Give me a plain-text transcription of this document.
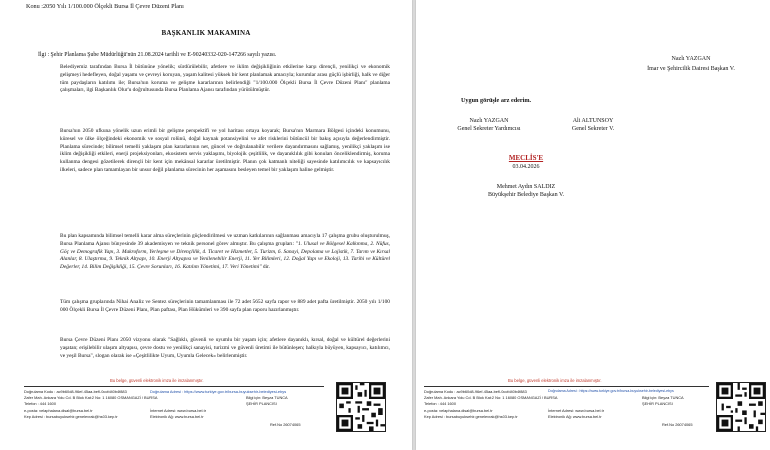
Konu :2050 Yılı 1/100.000 Ölçekli Bursa İl Çevre Düzeni Planı
BAŞKANLIK MAKAMINA
İlgi : Şehir Planlama Şube Müdürlüğü'nün 21.08.2024 tarihli ve E-90240332-020-147266 sayılı yazısı.

Belediyemiz tarafından Bursa İl bütününe yönelik; sürdürülebilir, afetlere ve iklim değişikliğinin etkilerine karşı dirençli, yenilikçi ve ekonomik gelişmeyi hedefleyen, doğal yaşamı ve çevreyi koruyan, yaşam kalitesi yüksek bir kent planlamak amacıyla; kurumlar arası güçlü işbirliği, halk ve diğer tüm paydaşların katılımı ile; Bursa'nın koruma ve gelişme kararlarının belirlendiği "1/100.000 Ölçekli Bursa İl Çevre Düzeni Planı" planlama çalışmaları, ilgi Başkanlık Olur'u doğrultusunda Bursa Planlama Ajansı tarafından yürütülmüştür.

Bursa'nın 2050 ufkuna yönelik uzun erimli bir gelişme perspektifi ve yol haritası ortaya koyarak; Bursa'nın Marmara Bölgesi içindeki konumunu, küresel ve ülke ölçeğindeki ekonomik ve sosyal rolünü, doğal kaynak potansiyelini ve afet risklerini bütüncül bir bakış açısıyla değerlendirmiştir. Planlama sürecinde; bilimsel temelli yaklaşım plan kararlarının net, güncel ve doğrulanabilir verilere dayandırmasını sağlamış, yenilikçi yaklaşım ise iklim değişikliği etkileri, enerji projeksiyonları, ekosistem servis yaklaşımı, biyolojik çeşitlilik, ve dayanıklılık gibi konuları önceliklendirmiş, koruma kullanma dengesi gözetilerek dirençli bir kent için mekânsal kararlar üretilmiştir. Planın çok katmanlı niteliği sayesinde katılımcılık ve kapsayıcılık ilkeleri, sadece plan tamamlayan bir unsur değil planlama sürecinin her aşamasını besleyen temel bir yaklaşım haline gelmiştir.

Bu plan kapsamında bilimsel temelli karar alma süreçlerinin güçlendirilmesi ve uzman katkılarının sağlanması amacıyla 17 çalışma grubu oluşturulmuş, Bursa Planlama Ajansı bünyesinde 39 akademisyen ve teknik personel görev almıştır. Bu çalışma grupları: "1. Ulusal ve Bölgesel Kalkınma, 2. Nüfus, Göç ve Demografik Yapı, 3. Makroform, Yerleşme ve Dirençlilik, 4. Ticaret ve Hizmetler, 5. Turizm, 6. Sanayi, Depolama ve Lojistik, 7. Tarım ve Kırsal Alanlar, 8. Ulaştırma, 9. Teknik Altyapı, 10. Enerji Altyapısı ve Yenilenebilir Enerji, 11. Yer Bilimleri, 12. Doğal Yapı ve Ekoloji, 13. Tarihi ve Kültürel Değerler, 14. Bilim Değişikliği, 15. Çevre Sorunları, 16. Katılım Yönetimi, 17. Veri Yönetimi" dir.

Tüm çalışma gruplarında Nihai Analiz ve Sentez süreçlerinin tamamlanması ile 72 adet 5652 sayfa rapor ve 889 adet pafta üretilmiştir. 2050 yılı 1/100 000 Ölçekli Bursa İl Çevre Düzeni Planı, Plan paftası, Plan Hükümleri ve 390 sayfa plan raporu hazırlanmıştır.

Bursa Çevre Düzeni Planı 2050 vizyonu olarak "Sağlıklı, güvenli ve uyumlu bir yaşam için; afetlere dayanıklı, kırsal, doğal ve kültürel değerlerini yaşatan; erişilebilir ulaşım altyapısı, çevre dostu ve yenilikçi sanayisi, turizmi ve güvenli üretimi ile bütünleşen; halkıyla büyüyen, kapsayıcı, katılımcı, ve yeşil Bursa", slogan olarak ise «Çeşitlilikte Uyum, Uyumla Gelecek» belirlenmiştir.

Bu belge, güvenli elektronik imza ile imzalanmıştır.
Doğrulama Kodu : ac9b60d8-96ef-45aa-befl-0ccfd40b4f883	Doğrulama Adresi : https://www.turkiye.gov.tr/bursa-buyuksehir-belediyesi-ebys
Zafer Mah. Ankara Yolu Cd. B Blok Kat:2 No: 1 16080 OSMANGAZİ / BURSA	Bilgi için: Beyza TUNCA
Telefon : 444 1600	ŞEHİR PLANCISI
e-posta: velaphalana.disal@bursa.bel.tr	İnternet Adresi: www.bursa.bel.tr
Kep Adresi : bursabuyuksehir.genelevrak@hs03.kep.tr	Elektronik Ağ: www.bursa.bel.tr
Ref.No 26074065
Nazlı YAZGAN
İmar ve Şehircilik Dairesi Başkan V.
Uygun görüşle arz ederim.
Nazlı YAZGAN
Genel Sekreter Yardımcısı
Ali ALTUNSOY
Genel Sekreter V.
MECLİS'E
03.04.2026
Mehmet Aydın SALDIZ
Büyükşehir Belediye Başkan V.
Bu belge, güvenli elektronik imza ile imzalanmıştır.
Doğrulama Kodu : ac9b60d8-96ef-45aa-befl-0ccfd40b4f883	Doğrulama Adresi : https://www.turkiye.gov.tr/bursa-buyuksehir-belediyesi-ebys
Zafer Mah. Ankara Yolu Cd. B Blok Kat:2 No: 1 16080 OSMANGAZİ / BURSA	Bilgi için: Beyza TUNCA
Telefon : 444 1600	ŞEHİR PLANCISI
e-posta: velaphalana.disal@bursa.bel.tr	İnternet Adresi: www.bursa.bel.tr
Kep Adresi : bursabuyuksehir.genelevrak@hs03.kep.tr	Elektronik Ağ: www.bursa.bel.tr
Ref.No 26074065
